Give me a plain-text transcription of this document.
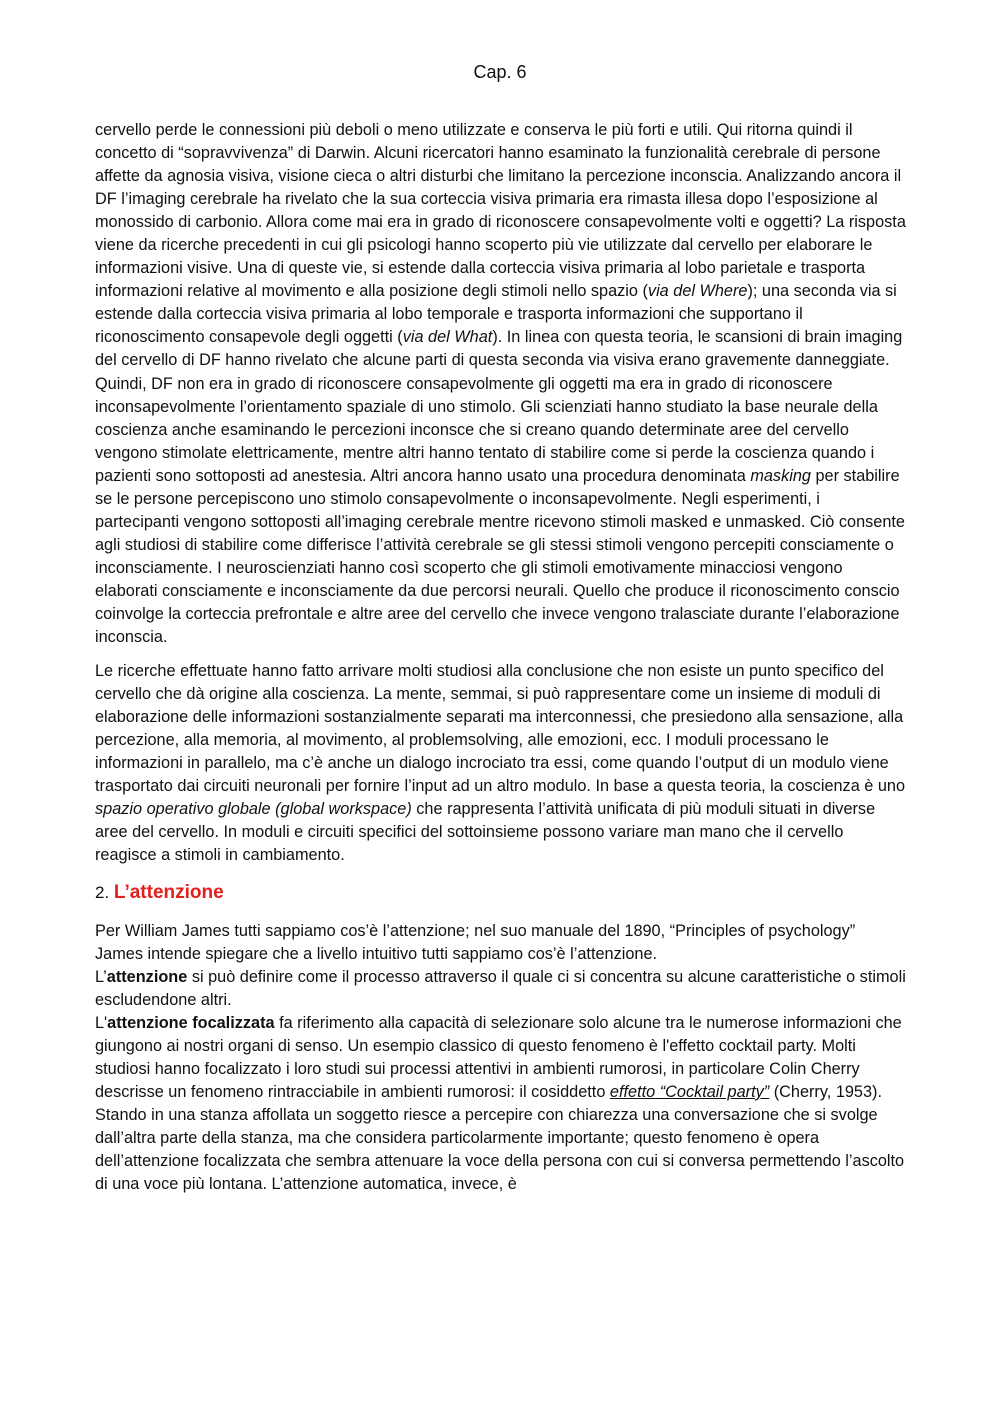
Cap. 6

cervello perde le connessioni più deboli o meno utilizzate e conserva le più forti e utili. Qui ritorna quindi il concetto di “sopravvivenza” di Darwin. Alcuni ricercatori hanno esaminato la funzionalità cerebrale di persone affette da agnosia visiva, visione cieca o altri disturbi che limitano la percezione inconscia. Analizzando ancora il DF l’imaging cerebrale ha rivelato che la sua corteccia visiva primaria era rimasta illesa dopo l’esposizione al monossido di carbonio. Allora come mai era in grado di riconoscere consapevolmente volti e oggetti? La risposta viene da ricerche precedenti in cui gli psicologi hanno scoperto più vie utilizzate dal cervello per elaborare le informazioni visive. Una di queste vie, si estende dalla corteccia visiva primaria al lobo parietale e trasporta informazioni relative al movimento e alla posizione degli stimoli nello spazio (via del Where); una seconda via si estende dalla corteccia visiva primaria al lobo temporale e trasporta informazioni che supportano il riconoscimento consapevole degli oggetti (via del What). In linea con questa teoria, le scansioni di brain imaging del cervello di DF hanno rivelato che alcune parti di questa seconda via visiva erano gravemente danneggiate. Quindi, DF non era in grado di riconoscere consapevolmente gli oggetti ma era in grado di riconoscere inconsapevolmente l’orientamento spaziale di uno stimolo. Gli scienziati hanno studiato la base neurale della coscienza anche esaminando le percezioni inconsce che si creano quando determinate aree del cervello vengono stimolate elettricamente, mentre altri hanno tentato di stabilire come si perde la coscienza quando i pazienti sono sottoposti ad anestesia. Altri ancora hanno usato una procedura denominata masking per stabilire se le persone percepiscono uno stimolo consapevolmente o inconsapevolmente. Negli esperimenti, i partecipanti vengono sottoposti all’imaging cerebrale mentre ricevono stimoli masked e unmasked. Ciò consente agli studiosi di stabilire come differisce l’attività cerebrale se gli stessi stimoli vengono percepiti consciamente o inconsciamente. I neuroscienziati hanno così scoperto che gli stimoli emotivamente minacciosi vengono elaborati consciamente e inconsciamente da due percorsi neurali. Quello che produce il riconoscimento conscio coinvolge la corteccia prefrontale e altre aree del cervello che invece vengono tralasciate durante l’elaborazione inconscia.

Le ricerche effettuate hanno fatto arrivare molti studiosi alla conclusione che non esiste un punto specifico del cervello che dà origine alla coscienza. La mente, semmai, si può rappresentare come un insieme di moduli di elaborazione delle informazioni sostanzialmente separati ma interconnessi, che presiedono alla sensazione, alla percezione, alla memoria, al movimento, al problemsolving, alle emozioni, ecc. I moduli processano le informazioni in parallelo, ma c’è anche un dialogo incrociato tra essi, come quando l’output di un modulo viene trasportato dai circuiti neuronali per fornire l’input ad un altro modulo. In base a questa teoria, la coscienza è uno spazio operativo globale (global workspace) che rappresenta l’attività unificata di più moduli situati in diverse aree del cervello. In moduli e circuiti specifici del sottoinsieme possono variare man mano che il cervello reagisce a stimoli in cambiamento.

2. L’attenzione

Per William James tutti sappiamo cos’è l’attenzione; nel suo manuale del 1890, “Principles of psychology” James intende spiegare che a livello intuitivo tutti sappiamo cos’è l’attenzione.

L’attenzione si può definire come il processo attraverso il quale ci si concentra su alcune caratteristiche o stimoli escludendone altri.

L'attenzione focalizzata fa riferimento alla capacità di selezionare solo alcune tra le numerose informazioni che giungono ai nostri organi di senso. Un esempio classico di questo fenomeno è l'effetto cocktail party. Molti studiosi hanno focalizzato i loro studi sui processi attentivi in ambienti rumorosi, in particolare Colin Cherry descrisse un fenomeno rintracciabile in ambienti rumorosi: il cosiddetto effetto “Cocktail party” (Cherry, 1953).

Stando in una stanza affollata un soggetto riesce a percepire con chiarezza una conversazione che si svolge dall’altra parte della stanza, ma che considera particolarmente importante; questo fenomeno è opera dell’attenzione focalizzata che sembra attenuare la voce della persona con cui si conversa permettendo l’ascolto di una voce più lontana. L’attenzione automatica, invece, è
